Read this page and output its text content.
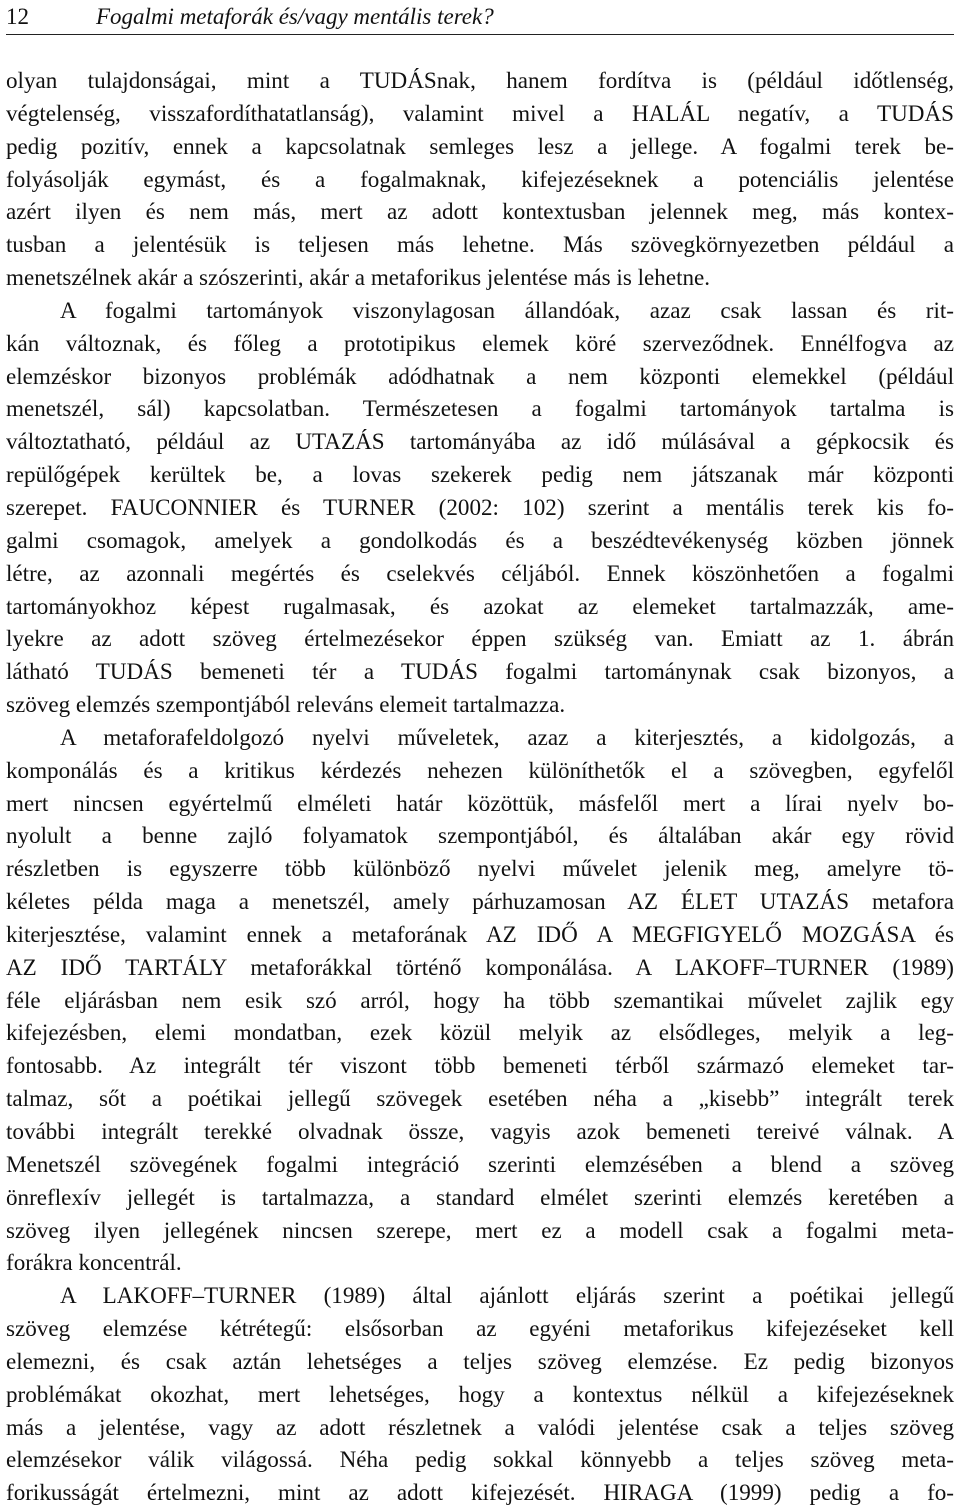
12	Fogalmi metaforák és/vagy mentális terek?
olyan tulajdonságai, mint a TUDÁSnak, hanem fordítva is (például időtlenség,
végtelenség, visszafordíthatatlanság), valamint mivel a HALÁL negatív, a TUDÁS
pedig pozitív, ennek a kapcsolatnak semleges lesz a jellege. A fogalmi terek be-
folyásolják egymást, és a fogalmaknak, kifejezéseknek a potenciális jelentése
azért ilyen és nem más, mert az adott kontextusban jelennek meg, más kontex-
tusban a jelentésük is teljesen más lehetne. Más szövegkörnyezetben például a
menetszélnek akár a szószerinti, akár a metaforikus jelentése más is lehetne.
A fogalmi tartományok viszonylagosan állandóak, azaz csak lassan és rit-
kán változnak, és főleg a prototipikus elemek köré szerveződnek. Ennélfogva az
elemzéskor bizonyos problémák adódhatnak a nem központi elemekkel (például
menetszél, sál) kapcsolatban. Természetesen a fogalmi tartományok tartalma is
változtatható, például az UTAZÁS tartományába az idő múlásával a gépkocsik és
repülőgépek kerültek be, a lovas szekerek pedig nem játszanak már központi
szerepet. FAUCONNIER és TURNER (2002: 102) szerint a mentális terek kis fo-
galmi csomagok, amelyek a gondolkodás és a beszédtevékenység közben jönnek
létre, az azonnali megértés és cselekvés céljából. Ennek köszönhetően a fogalmi
tartományokhoz képest rugalmasak, és azokat az elemeket tartalmazzák, ame-
lyekre az adott szöveg értelmezésekor éppen szükség van. Emiatt az 1. ábrán
látható TUDÁS bemeneti tér a TUDÁS fogalmi tartománynak csak bizonyos, a
szöveg elemzés szempontjából releváns elemeit tartalmazza.
A metaforafeldolgozó nyelvi műveletek, azaz a kiterjesztés, a kidolgozás, a
komponálás és a kritikus kérdezés nehezen különíthetők el a szövegben, egyfelől
mert nincsen egyértelmű elméleti határ közöttük, másfelől mert a lírai nyelv bo-
nyolult a benne zajló folyamatok szempontjából, és általában akár egy rövid
részletben is egyszerre több különböző nyelvi művelet jelenik meg, amelyre tö-
kéletes példa maga a menetszél, amely párhuzamosan AZ ÉLET UTAZÁS metafora
kiterjesztése, valamint ennek a metaforának AZ IDŐ A MEGFIGYELŐ MOZGÁSA és
AZ IDŐ TARTÁLY metaforákkal történő komponálása. A LAKOFF–TURNER (1989)
féle eljárásban nem esik szó arról, hogy ha több szemantikai művelet zajlik egy
kifejezésben, elemi mondatban, ezek közül melyik az elsődleges, melyik a leg-
fontosabb. Az integrált tér viszont több bemeneti térből származó elemeket tar-
talmaz, sőt a poétikai jellegű szövegek esetében néha a „kisebb” integrált terek
további integrált terekké olvadnak össze, vagyis azok bemeneti tereivé válnak. A
Menetszél szövegének fogalmi integráció szerinti elemzésében a blend a szöveg
önreflexív jellegét is tartalmazza, a standard elmélet szerinti elemzés keretében a
szöveg ilyen jellegének nincsen szerepe, mert ez a modell csak a fogalmi meta-
forákra koncentrál.
A LAKOFF–TURNER (1989) által ajánlott eljárás szerint a poétikai jellegű
szöveg elemzése kétrétegű: elsősorban az egyéni metaforikus kifejezéseket kell
elemezni, és csak aztán lehetséges a teljes szöveg elemzése. Ez pedig bizonyos
problémákat okozhat, mert lehetséges, hogy a kontextus nélkül a kifejezéseknek
más a jelentése, vagy az adott részletnek a valódi jelentése csak a teljes szöveg
elemzésekor válik világossá. Néha pedig sokkal könnyebb a teljes szöveg meta-
forikusságát értelmezni, mint az adott kifejezését. HIRAGA (1999) pedig a fo-
